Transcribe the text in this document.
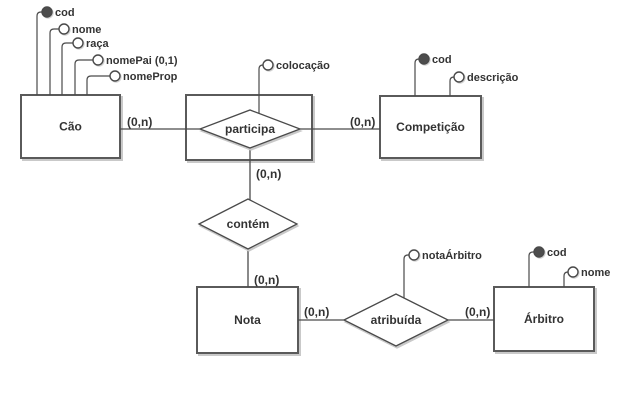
Cão	Competição
Nota	Árbitro
participa
contém
atribuída
(0,n)	(0,n)
(0,n)
(0,n)
(0,n)	(0,n)
cod
nome
raça
nomePai (0,1)
nomeProp
colocação	cod
descrição
notaÁrbitro	cod
nome
